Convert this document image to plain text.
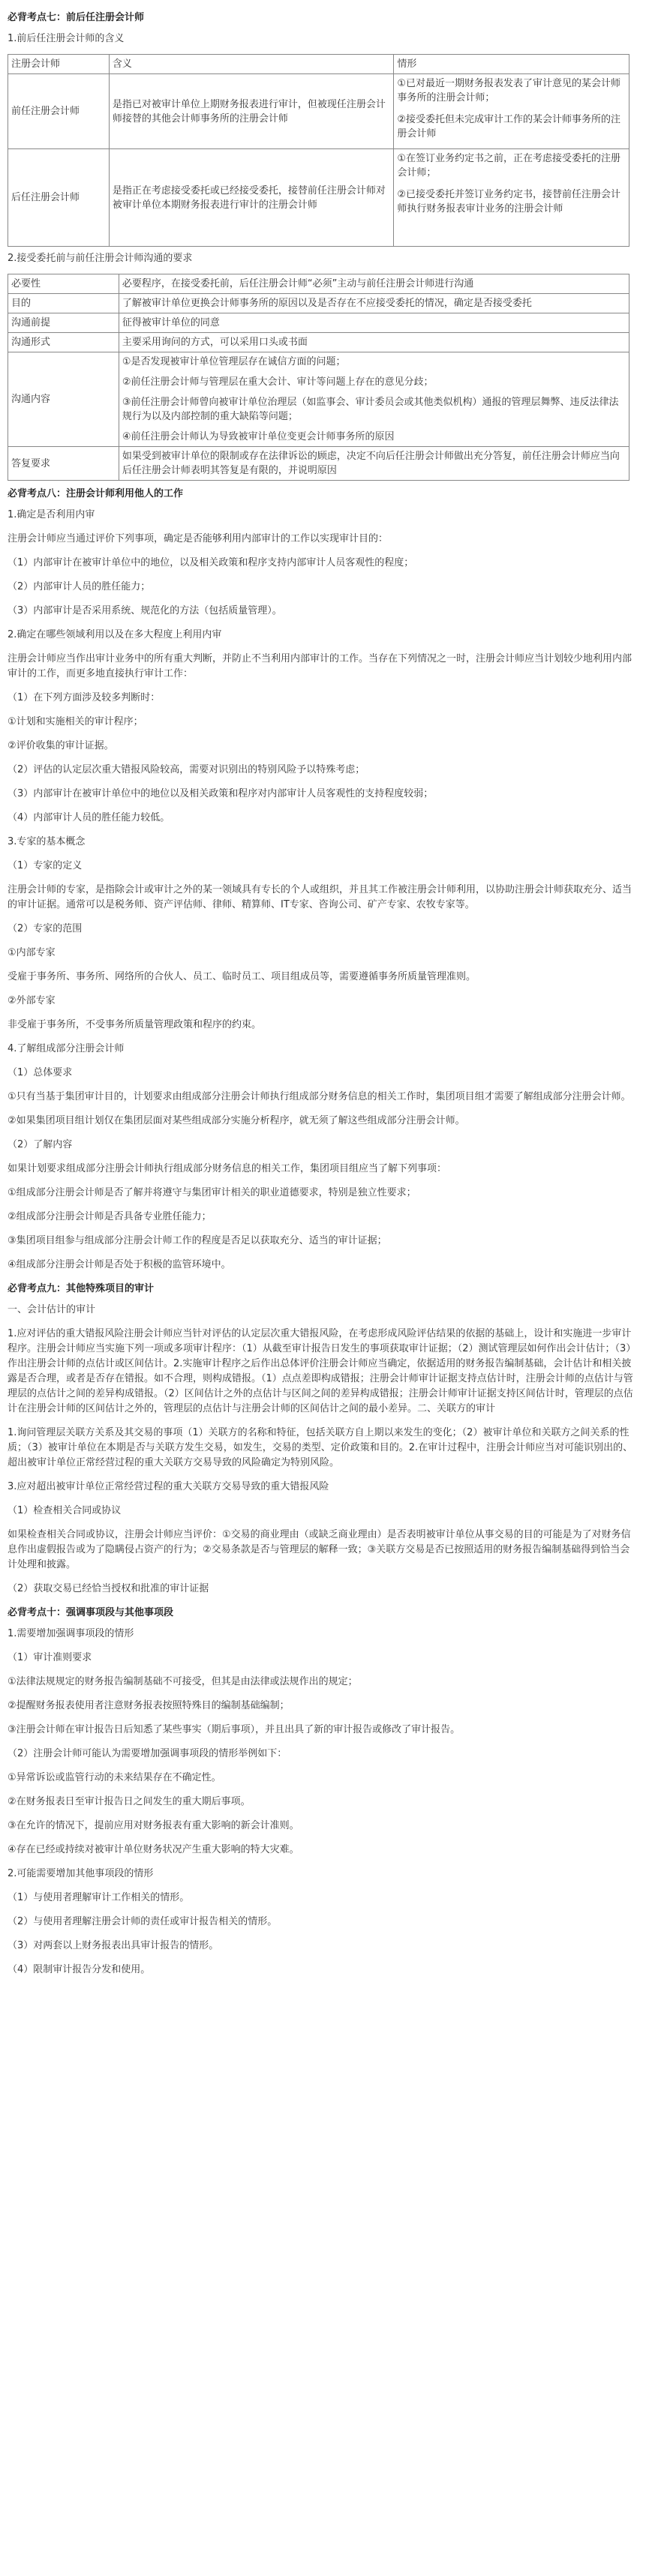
必背考点七：前后任注册会计师
1.前后任注册会计师的含义
注册会计师	含义	情形
前任注册会计师	是指已对被审计单位上期财务报表进行审计，但被现任注册会计师接替的其他会计师事务所的注册会计师	①已对最近一期财务报表发表了审计意见的某会计师事务所的注册会计师；
②接受委托但未完成审计工作的某会计师事务所的注册会计师

后任注册会计师	是指正在考虑接受委托或已经接受委托，接替前任注册会计师对被审计单位本期财务报表进行审计的注册会计师	①在签订业务约定书之前，正在考虑接受委托的注册会计师；
②已接受委托并签订业务约定书，接替前任注册会计师执行财务报表审计业务的注册会计师
2.接受委托前与前任注册会计师沟通的要求
必要性	必要程序，在接受委托前，后任注册会计师“必须”主动与前任注册会计师进行沟通
目的	了解被审计单位更换会计师事务所的原因以及是否存在不应接受委托的情况，确定是否接受委托
沟通前提	征得被审计单位的同意
沟通形式	主要采用询问的方式，可以采用口头或书面
沟通内容	①是否发现被审计单位管理层存在诚信方面的问题；
②前任注册会计师与管理层在重大会计、审计等问题上存在的意见分歧；
③前任注册会计师曾向被审计单位治理层（如监事会、审计委员会或其他类似机构）通报的管理层舞弊、违反法律法规行为以及内部控制的重大缺陷等问题；
④前任注册会计师认为导致被审计单位变更会计师事务所的原因

答复要求	如果受到被审计单位的限制或存在法律诉讼的顾虑，决定不向后任注册会计师做出充分答复，前任注册会计师应当向后任注册会计师表明其答复是有限的，并说明原因
必背考点八：注册会计师利用他人的工作
1.确定是否利用内审
注册会计师应当通过评价下列事项，确定是否能够利用内部审计的工作以实现审计目的：
（1）内部审计在被审计单位中的地位，以及相关政策和程序支持内部审计人员客观性的程度；
（2）内部审计人员的胜任能力；
（3）内部审计是否采用系统、规范化的方法（包括质量管理）。
2.确定在哪些领域利用以及在多大程度上利用内审
注册会计师应当作出审计业务中的所有重大判断，并防止不当利用内部审计的工作。当存在下列情况之一时，注册会计师应当计划较少地利用内部审计的工作，而更多地直接执行审计工作：
（1）在下列方面涉及较多判断时：
①计划和实施相关的审计程序；
②评价收集的审计证据。
（2）评估的认定层次重大错报风险较高，需要对识别出的特别风险予以特殊考虑；
（3）内部审计在被审计单位中的地位以及相关政策和程序对内部审计人员客观性的支持程度较弱；
（4）内部审计人员的胜任能力较低。
3.专家的基本概念
（1）专家的定义
注册会计师的专家，是指除会计或审计之外的某一领域具有专长的个人或组织，并且其工作被注册会计师利用，以协助注册会计师获取充分、适当的审计证据。通常可以是税务师、资产评估师、律师、精算师、IT专家、咨询公司、矿产专家、农牧专家等。
（2）专家的范围
①内部专家
受雇于事务所、事务所、网络所的合伙人、员工、临时员工、项目组成员等，需要遵循事务所质量管理准则。
②外部专家
非受雇于事务所，不受事务所质量管理政策和程序的约束。
4.了解组成部分注册会计师
（1）总体要求
①只有当基于集团审计目的，计划要求由组成部分注册会计师执行组成部分财务信息的相关工作时，集团项目组才需要了解组成部分注册会计师。
②如果集团项目组计划仅在集团层面对某些组成部分实施分析程序，就无须了解这些组成部分注册会计师。
（2）了解内容
如果计划要求组成部分注册会计师执行组成部分财务信息的相关工作，集团项目组应当了解下列事项：
①组成部分注册会计师是否了解并将遵守与集团审计相关的职业道德要求，特别是独立性要求；
②组成部分注册会计师是否具备专业胜任能力；
③集团项目组参与组成部分注册会计师工作的程度是否足以获取充分、适当的审计证据；
④组成部分注册会计师是否处于积极的监管环境中。
必背考点九：其他特殊项目的审计
一、会计估计的审计
1.应对评估的重大错报风险注册会计师应当针对评估的认定层次重大错报风险，在考虑形成风险评估结果的依据的基础上，设计和实施进一步审计程序。注册会计师应当实施下列一项或多项审计程序：（1）从截至审计报告日发生的事项获取审计证据；（2）测试管理层如何作出会计估计；（3）作出注册会计师的点估计或区间估计。2.实施审计程序之后作出总体评价注册会计师应当确定，依据适用的财务报告编制基础，会计估计和相关披露是否合理，或者是否存在错报。如不合理，则构成错报。（1）点点差即构成错报；注册会计师审计证据支持点估计时，注册会计师的点估计与管理层的点估计之间的差异构成错报。（2）区间估计之外的点估计与区间之间的差异构成错报；注册会计师审计证据支持区间估计时，管理层的点估计在注册会计师的区间估计之外的，管理层的点估计与注册会计师的区间估计之间的最小差异。二、关联方的审计
1.询问管理层关联方关系及其交易的事项（1）关联方的名称和特征，包括关联方自上期以来发生的变化；（2）被审计单位和关联方之间关系的性质；（3）被审计单位在本期是否与关联方发生交易，如发生，交易的类型、定价政策和目的。2.在审计过程中，注册会计师应当对可能识别出的、超出被审计单位正常经营过程的重大关联方交易导致的风险确定为特别风险。
3.应对超出被审计单位正常经营过程的重大关联方交易导致的重大错报风险
（1）检查相关合同或协议
如果检查相关合同或协议，注册会计师应当评价：①交易的商业理由（或缺乏商业理由）是否表明被审计单位从事交易的目的可能是为了对财务信息作出虚假报告或为了隐瞒侵占资产的行为；②交易条款是否与管理层的解释一致；③关联方交易是否已按照适用的财务报告编制基础得到恰当会计处理和披露。
（2）获取交易已经恰当授权和批准的审计证据
必背考点十：强调事项段与其他事项段
1.需要增加强调事项段的情形
（1）审计准则要求
①法律法规规定的财务报告编制基础不可接受，但其是由法律或法规作出的规定；
②提醒财务报表使用者注意财务报表按照特殊目的编制基础编制；
③注册会计师在审计报告日后知悉了某些事实（期后事项），并且出具了新的审计报告或修改了审计报告。
（2）注册会计师可能认为需要增加强调事项段的情形举例如下：
①异常诉讼或监管行动的未来结果存在不确定性。
②在财务报表日至审计报告日之间发生的重大期后事项。
③在允许的情况下，提前应用对财务报表有重大影响的新会计准则。
④存在已经或持续对被审计单位财务状况产生重大影响的特大灾难。
2.可能需要增加其他事项段的情形
（1）与使用者理解审计工作相关的情形。
（2）与使用者理解注册会计师的责任或审计报告相关的情形。
（3）对两套以上财务报表出具审计报告的情形。
（4）限制审计报告分发和使用。
